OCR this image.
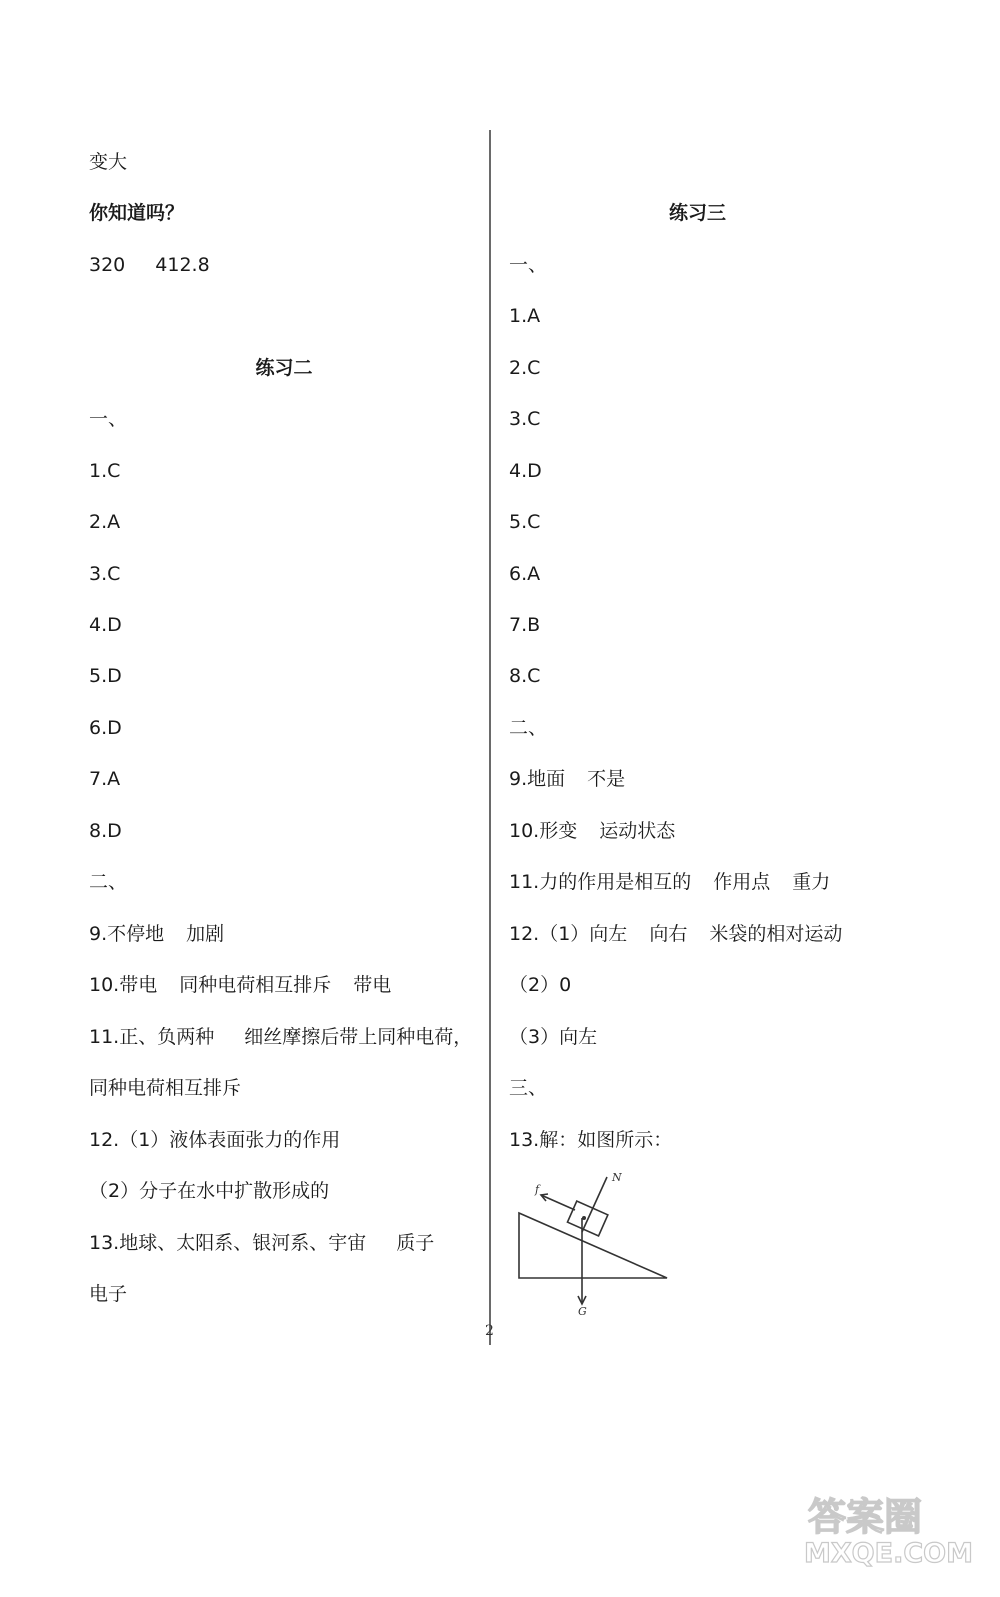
变大
你知道吗？
320 412.8
练习二
一、
1.C
2.A
3.C
4.D
5.D
6.D
7.A
8.D
二、
9.不停地 加剧
10.带电 同种电荷相互排斥 带电
11.正、负两种 细丝摩擦后带上同种电荷，
同种电荷相互排斥
12.（1）液体表面张力的作用
（2）分子在水中扩散形成的
13.地球、太阳系、银河系、宇宙 质子
电子
练习三
一、
1.A
2.C
3.C
4.D
5.C
6.A
7.B
8.C
二、
9.地面 不是
10.形变 运动状态
11.力的作用是相互的 作用点 重力
12.（1）向左 向右 米袋的相对运动
（2）0
（3）向左
三、
13.解：如图所示：
f
N
G
2
答案圈
MXQE.COM
